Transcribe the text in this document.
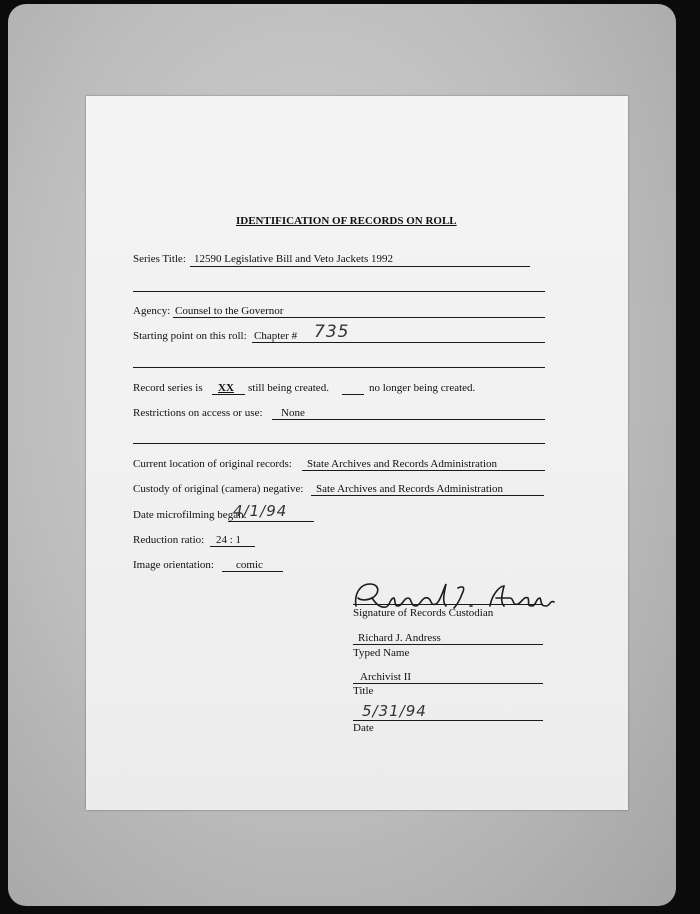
IDENTIFICATION OF RECORDS ON ROLL
Series Title: 12590 Legislative Bill and Veto Jackets 1992
Agency: Counsel to the Governor
Starting point on this roll: Chapter # 735
Record series is XX still being created.	no longer being created.
Restrictions on access or use: None
Current location of original records: State Archives and Records Administration
Custody of original (camera) negative: Sate Archives and Records Administration
Date microfilming began:
4/1/94
Reduction ratio: 24 : 1
Image orientation: comic
Signature of Records Custodian
Richard J. Andress
Typed Name
Archivist II
Title
5/31/94
Date
